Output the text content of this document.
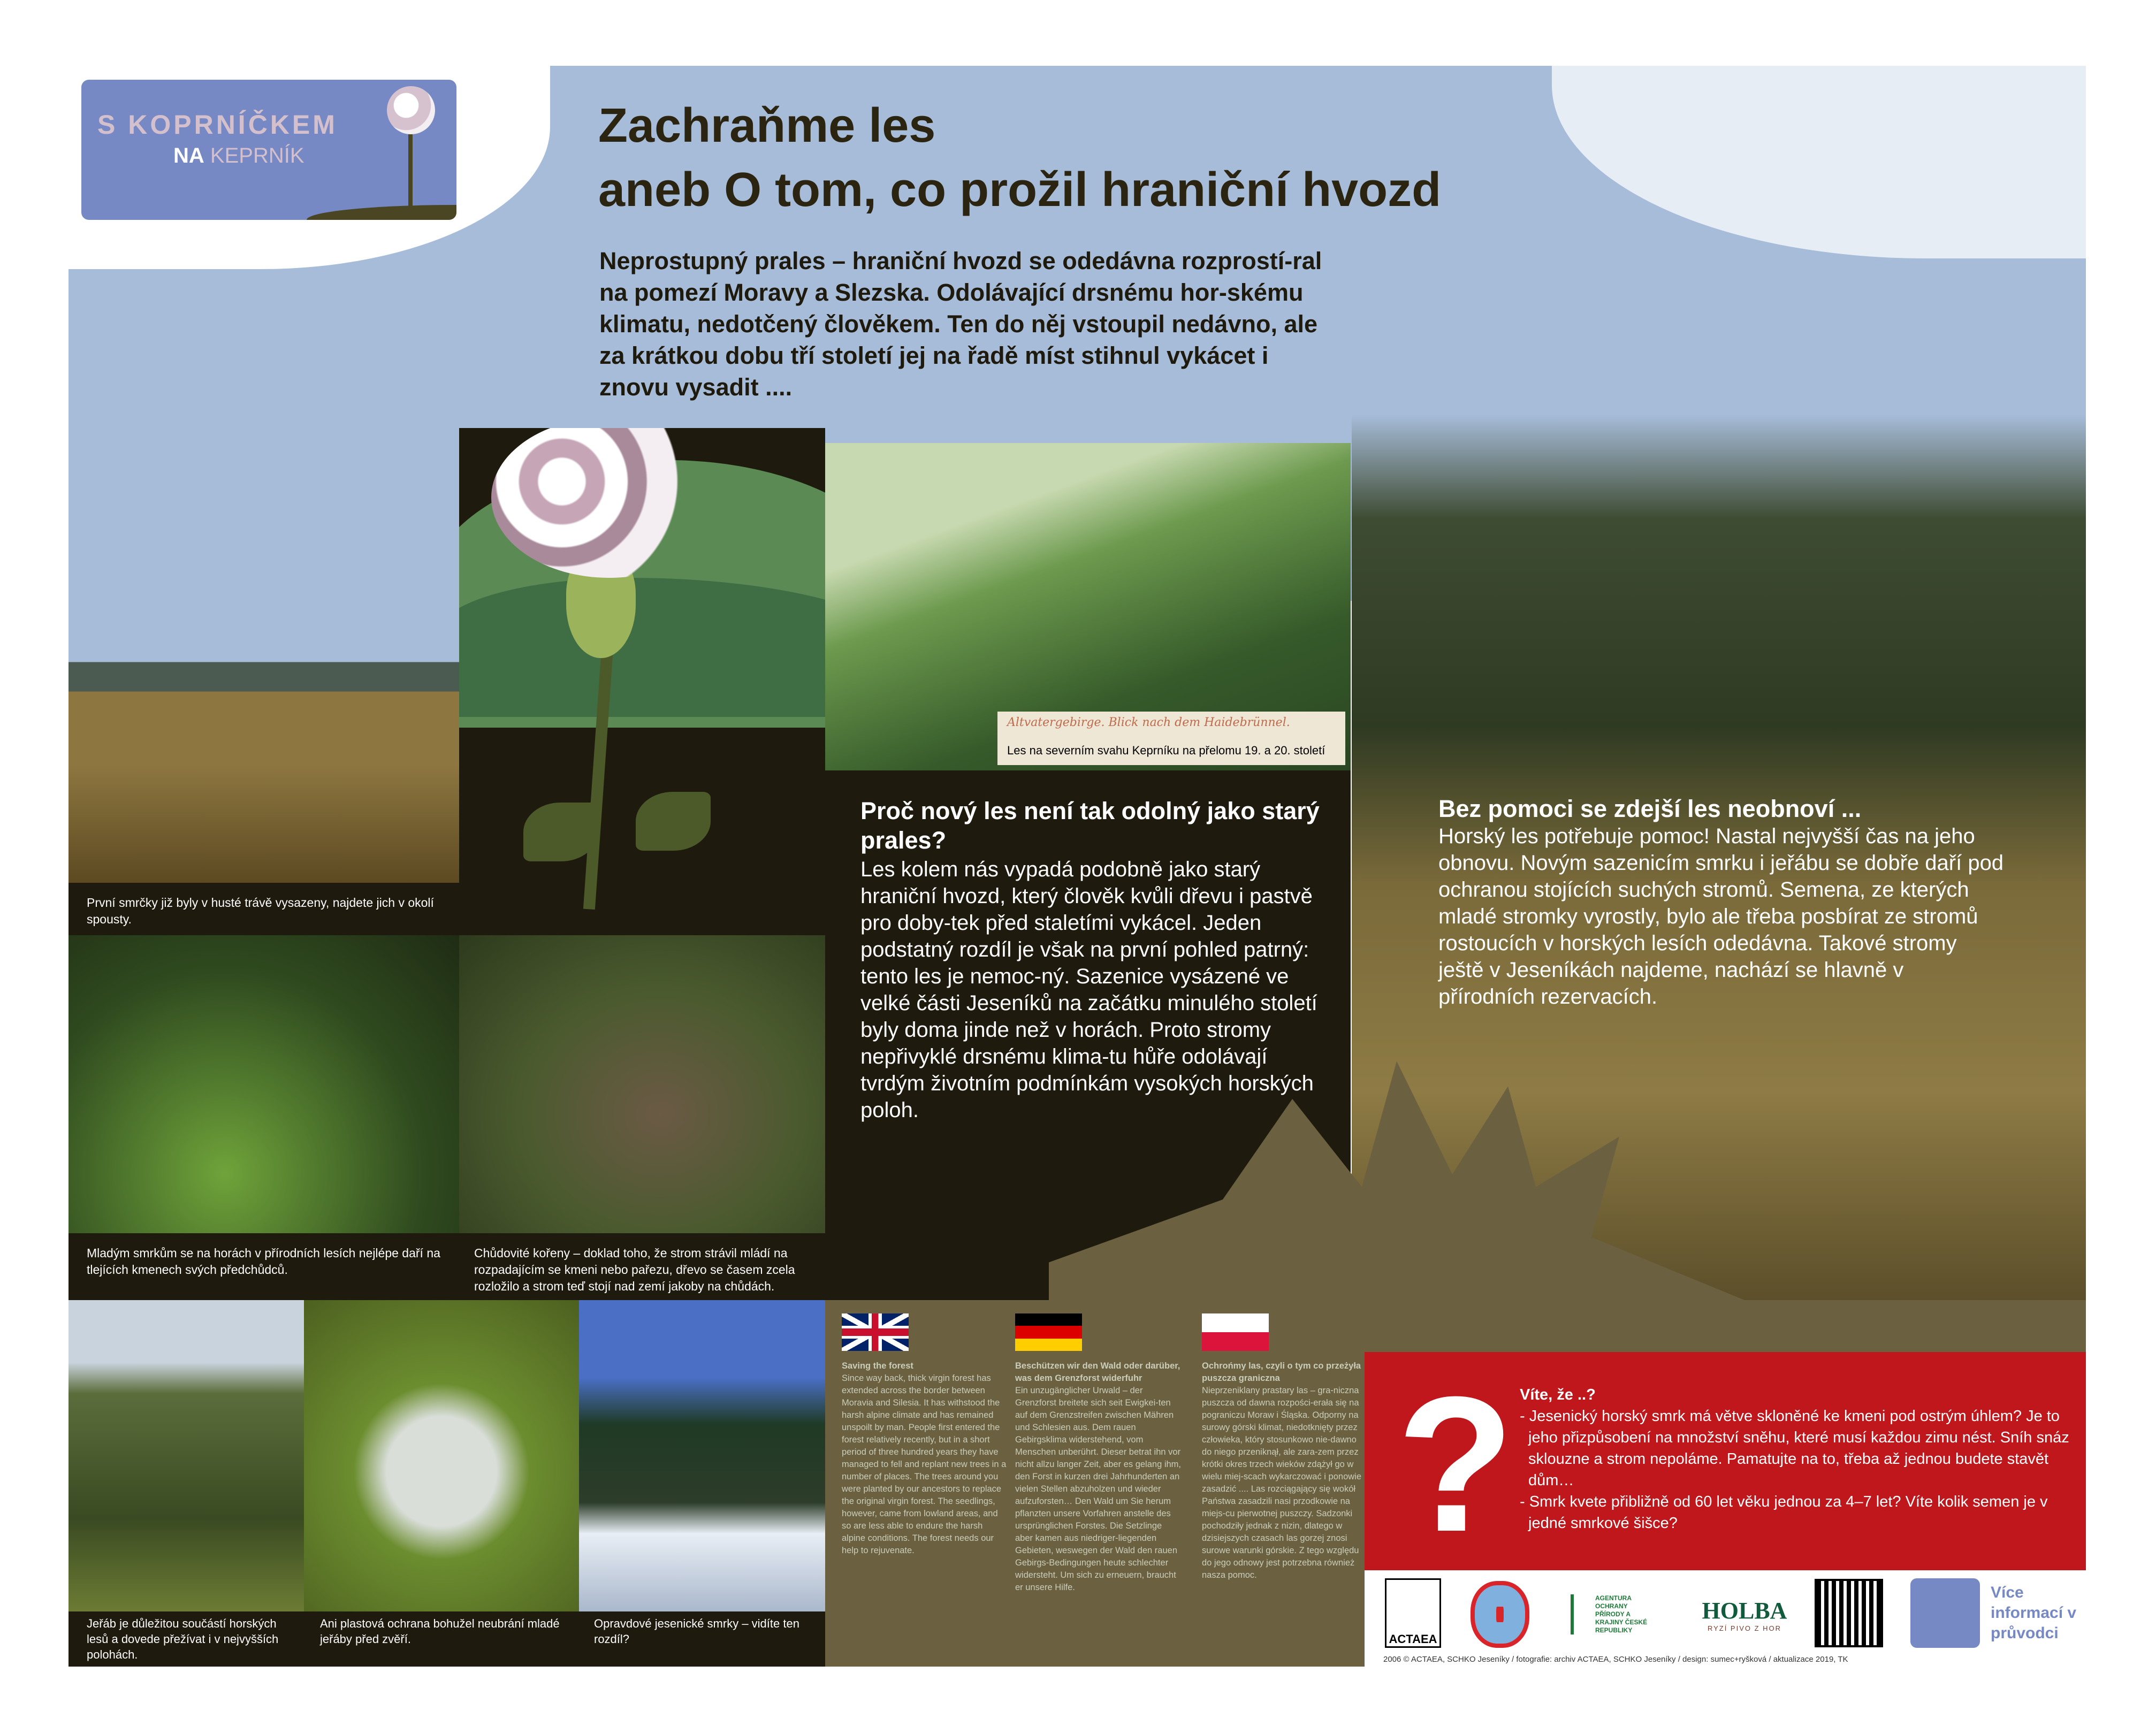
S KOPRNÍČKEM
NA KEPRNÍK
Bez pomoci se zdejší les neobnoví ...
Horský les potřebuje pomoc! Nastal nejvyšší čas na jeho obnovu. Novým sazenicím smrku i jeřábu se dobře daří pod ochranou stojících suchých stromů. Semena, ze kterých mladé stromky vyrostly, bylo ale třeba posbírat ze stromů rostoucích v horských lesích odedávna. Takové stromy ještě v Jeseníkách najdeme, nachází se hlavně v přírodních rezervacích.
Zachraňme les
aneb O tom, co prožil hraniční hvozd
Neprostupný prales – hraniční hvozd se odedávna rozprostí-ral na pomezí Moravy a Slezska. Odolávající drsnému hor-skému klimatu, nedotčený člověkem. Ten do něj vstoupil nedávno, ale za krátkou dobu tří století jej na řadě míst stihnul vykácet i znovu vysadit ....
Altvatergebirge. Blick nach dem Haidebrünnel.
Les na severním svahu Keprníku na přelomu 19. a 20. století
První smrčky již byly v husté trávě vysazeny, najdete jich v okolí spousty.
Mladým smrkům se na horách v přírodních lesích nejlépe daří na tlejících kmenech svých předchůdců.
Chůdovité kořeny – doklad toho, že strom strávil mládí na rozpadajícím se kmeni nebo pařezu, dřevo se časem zcela rozložilo a strom teď stojí nad zemí jakoby na chůdách.
Proč nový les není tak odolný jako starý prales?

Les kolem nás vypadá podobně jako starý hraniční hvozd, který člověk kvůli dřevu i pastvě pro doby-tek před staletími vykácel. Jeden podstatný rozdíl je však na první pohled patrný: tento les je nemoc-ný. Sazenice vysázené ve velké části Jeseníků na začátku minulého století byly doma jinde než v horách. Proto stromy nepřivyklé drsnému klima-tu hůře odolávají tvrdým životním podmínkám vysokých horských poloh.

Jeřáb je důležitou součástí horských lesů a dovede přežívat i v nejvyšších polohách.
Ani plastová ochrana bohužel neubrání mladé jeřáby před zvěří.
Opravdové jesenické smrky – vidíte ten rozdíl?
Saving the forest
Since way back, thick virgin forest has extended across the border between Moravia and Silesia. It has withstood the harsh alpine climate and has remained unspoilt by man. People first entered the forest relatively recently, but in a short period of three hundred years they have managed to fell and replant new trees in a number of places. The trees around you were planted by our ancestors to replace the original virgin forest. The seedlings, however, came from lowland areas, and so are less able to endure the harsh alpine conditions. The forest needs our help to rejuvenate.
Beschützen wir den Wald oder darüber, was dem Grenzforst widerfuhr
Ein unzugänglicher Urwald – der Grenzforst breitete sich seit Ewigkei-ten auf dem Grenzstreifen zwischen Mähren und Schlesien aus. Dem rauen Gebirgsklima widerstehend, vom Menschen unberührt. Dieser betrat ihn vor nicht allzu langer Zeit, aber es gelang ihm, den Forst in kurzen drei Jahrhunderten an vielen Stellen abzuholzen und wieder aufzuforsten… Den Wald um Sie herum pflanzten unsere Vorfahren anstelle des ursprünglichen Forstes. Die Setzlinge aber kamen aus niedriger-liegenden Gebieten, weswegen der Wald den rauen Gebirgs-Bedingungen heute schlechter widersteht. Um sich zu erneuern, braucht er unsere Hilfe.
Ochrońmy las, czyli o tym co przeżyła puszcza graniczna
Nieprzeniklany prastary las – gra-niczna puszcza od dawna rozpości-erała się na pograniczu Moraw i Śląska. Odporny na surowy górski klimat, niedotknięty przez człowieka, który stosunkowo nie-dawno do niego przeniknął, ale zara-zem przez krótki okres trzech wieków zdążył go w wielu miej-scach wykarczować i ponowie zasadzić .... Las rozciągający się wokół Państwa zasadzili nasi przodkowie na miejs-cu pierwotnej puszczy. Sadzonki pochodziły jednak z nizin, dlatego w dzisiejszych czasach las gorzej znosi surowe warunki górskie. Z tego względu do jego odnowy jest potrzebna również nasza pomoc.
? Víte, že ..?
- Jesenický horský smrk má větve skloněné ke kmeni pod ostrým úhlem? Je to jeho přizpůsobení na množství sněhu, které musí každou zimu nést. Sníh snáz sklouzne a strom nepoláme. Pamatujte na to, třeba až jednou budete stavět dům…
- Smrk kvete přibližně od 60 let věku jednou za 4–7 let? Víte kolik semen je v jedné smrkové šišce?
ACTAEA
AGENTURA OCHRANY PŘÍRODY A KRAJINY ČESKÉ REPUBLIKY
HOLBA
RYZÍ PIVO Z HOR
Více informací v průvodci
2006 © ACTAEA, SCHKO Jeseníky / fotografie: archiv ACTAEA, SCHKO Jeseníky / design: sumec+ryšková / aktualizace 2019, TK
